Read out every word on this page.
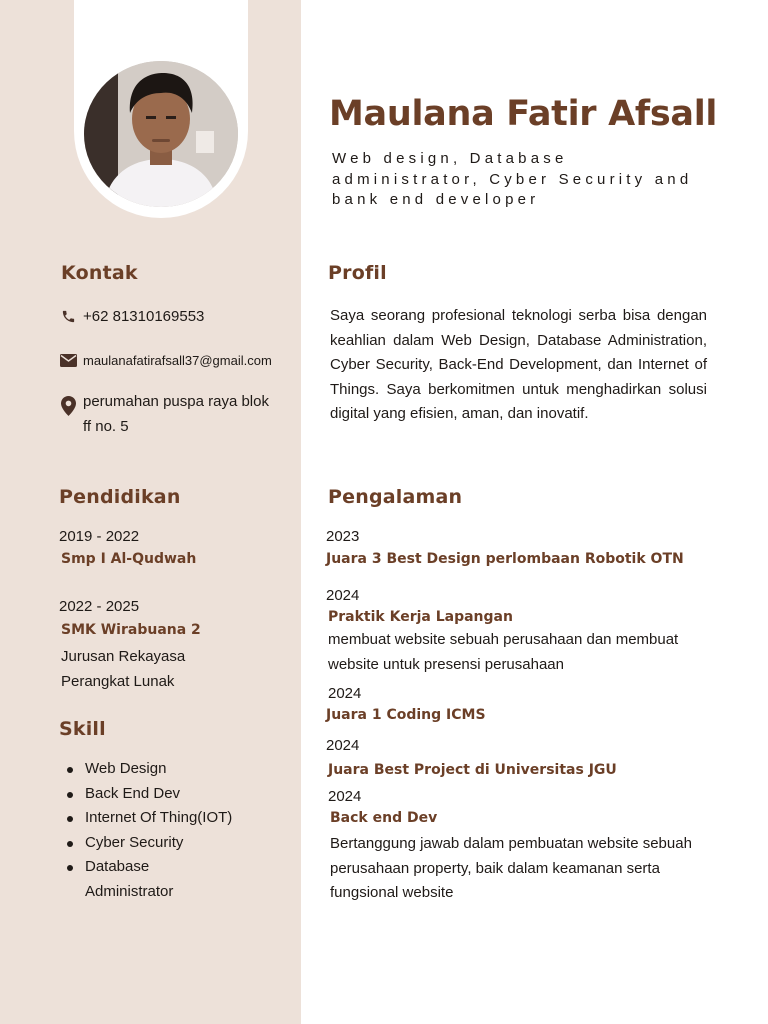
Maulana Fatir Afsall
Web design, Database administrator, Cyber Security and bank end developer
Kontak
+62 81310169553
maulanafatirafsall37@gmail.com
perumahan puspa raya blok ff no. 5
Pendidikan
2019 - 2022
Smp I Al-Qudwah
2022 - 2025
SMK Wirabuana 2
Jurusan Rekayasa Perangkat Lunak
Skill
Web Design
Back End Dev
Internet Of Thing(IOT)
Cyber Security
Database Administrator
Profil
Saya seorang profesional teknologi serba bisa dengan keahlian dalam Web Design, Database Administration, Cyber Security, Back-End Development, dan Internet of Things. Saya berkomitmen untuk menghadirkan solusi digital yang efisien, aman, dan inovatif.
Pengalaman
2023
Juara 3 Best Design perlombaan Robotik OTN
2024
Praktik Kerja Lapangan
membuat website sebuah perusahaan dan membuat website untuk presensi perusahaan
2024
Juara 1 Coding ICMS
2024
Juara Best Project di Universitas JGU
2024
Back end Dev
Bertanggung jawab dalam pembuatan website sebuah perusahaan property, baik dalam keamanan serta fungsional website
